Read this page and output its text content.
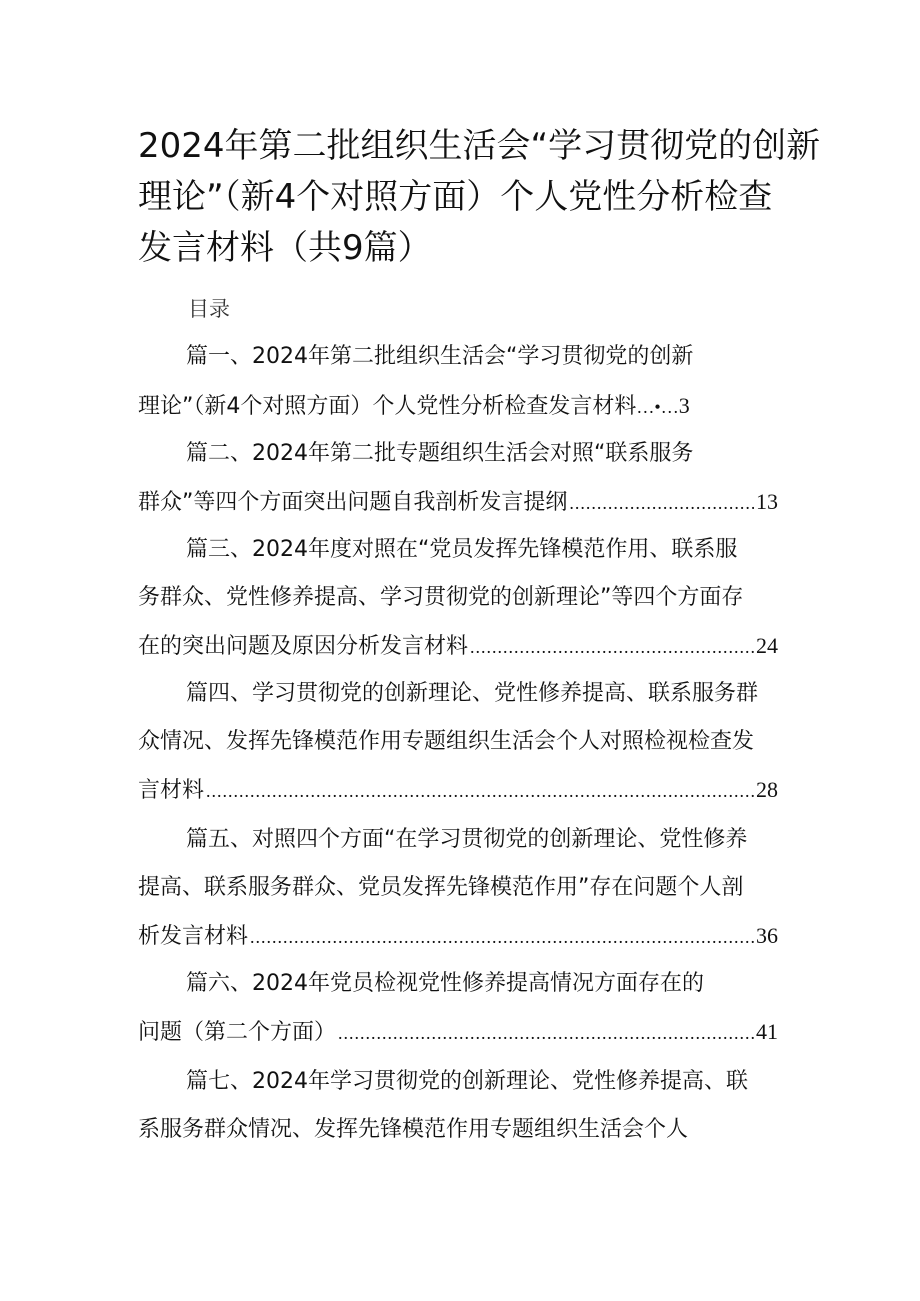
2024年第二批组织生活会“学习贯彻党的创新
理论”（新4个对照方面）个人党性分析检查
发言材料（共9篇）
目录
篇一、2024年第二批组织生活会“学习贯彻党的创新
理论”（新4个对照方面）个人党性分析检查发言材料 …•… 3
篇二、2024年第二批专题组织生活会对照“联系服务
群众”等四个方面突出问题自我剖析发言提纲 .....	13
篇三、2024年度对照在“党员发挥先锋模范作用、联系服
务群众、党性修养提高、学习贯彻党的创新理论”等四个方面存
在的突出问题及原因分析发言材料 .....	24
篇四、学习贯彻党的创新理论、党性修养提高、联系服务群
众情况、发挥先锋模范作用专题组织生活会个人对照检视检查发
言材料 .....	28
篇五、对照四个方面“在学习贯彻党的创新理论、党性修养
提高、联系服务群众、党员发挥先锋模范作用”存在问题个人剖
析发言材料 .....	36
篇六、2024年党员检视党性修养提高情况方面存在的
问题（第二个方面） .....	41
篇七、2024年学习贯彻党的创新理论、党性修养提高、联
系服务群众情况、发挥先锋模范作用专题组织生活会个人
